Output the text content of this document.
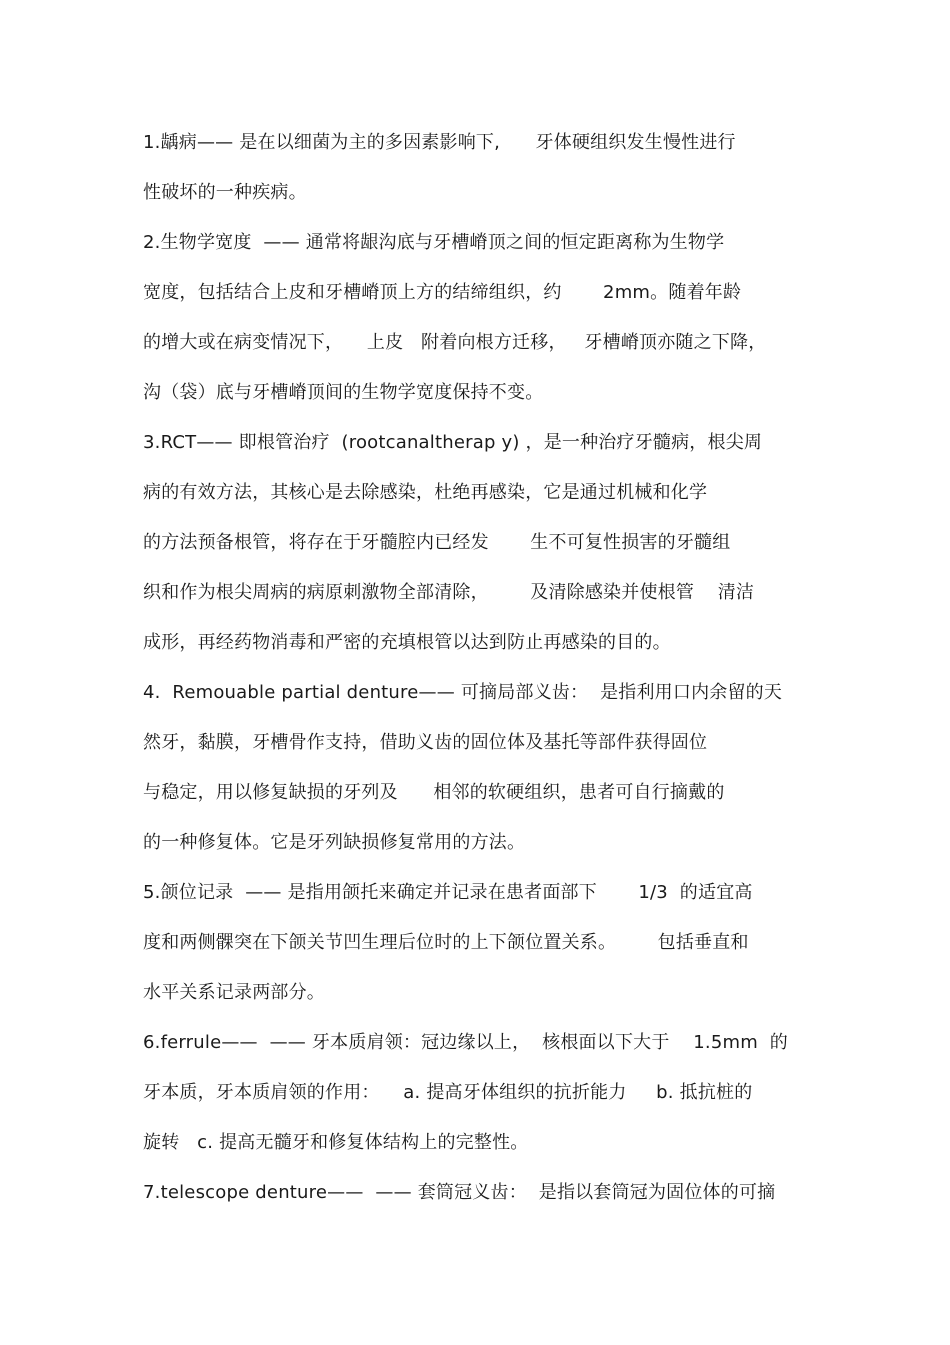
1.龋病—— 是在以细菌为主的多因素影响下,      牙体硬组织发生慢性进行
性破坏的一种疾病。
2.生物学宽度  —— 通常将龈沟底与牙槽嵴顶之间的恒定距离称为生物学
宽度，包括结合上皮和牙槽嵴顶上方的结缔组织，约       2mm。随着年龄
的增大或在病变情况下，    上皮   附着向根方迁移，   牙槽嵴顶亦随之下降，
沟（袋）底与牙槽嵴顶间的生物学宽度保持不变。
3.RCT—— 即根管治疗  (rootcanaltherap y) ，是一种治疗牙髓病，根尖周
病的有效方法，其核心是去除感染，杜绝再感染，它是通过机械和化学
的方法预备根管，将存在于牙髓腔内已经发       生不可复性损害的牙髓组
织和作为根尖周病的病原刺激物全部清除，       及清除感染并使根管    清洁
成形，再经药物消毒和严密的充填根管以达到防止再感染的目的。
4.  Remouable partial denture—— 可摘局部义齿：  是指利用口内余留的天
然牙，黏膜，牙槽骨作支持，借助义齿的固位体及基托等部件获得固位
与稳定，用以修复缺损的牙列及      相邻的软硬组织，患者可自行摘戴的
的一种修复体。它是牙列缺损修复常用的方法。
5.颌位记录  —— 是指用颌托来确定并记录在患者面部下       1/3  的适宜高
度和两侧髁突在下颌关节凹生理后位时的上下颌位置关系。       包括垂直和
水平关系记录两部分。
6.ferrule——  —— 牙本质肩领：冠边缘以上，  核根面以下大于    1.5mm  的
牙本质，牙本质肩领的作用：    a. 提高牙体组织的抗折能力     b. 抵抗桩的
旋转   c. 提高无髓牙和修复体结构上的完整性。
7.telescope denture——  —— 套筒冠义齿：  是指以套筒冠为固位体的可摘
